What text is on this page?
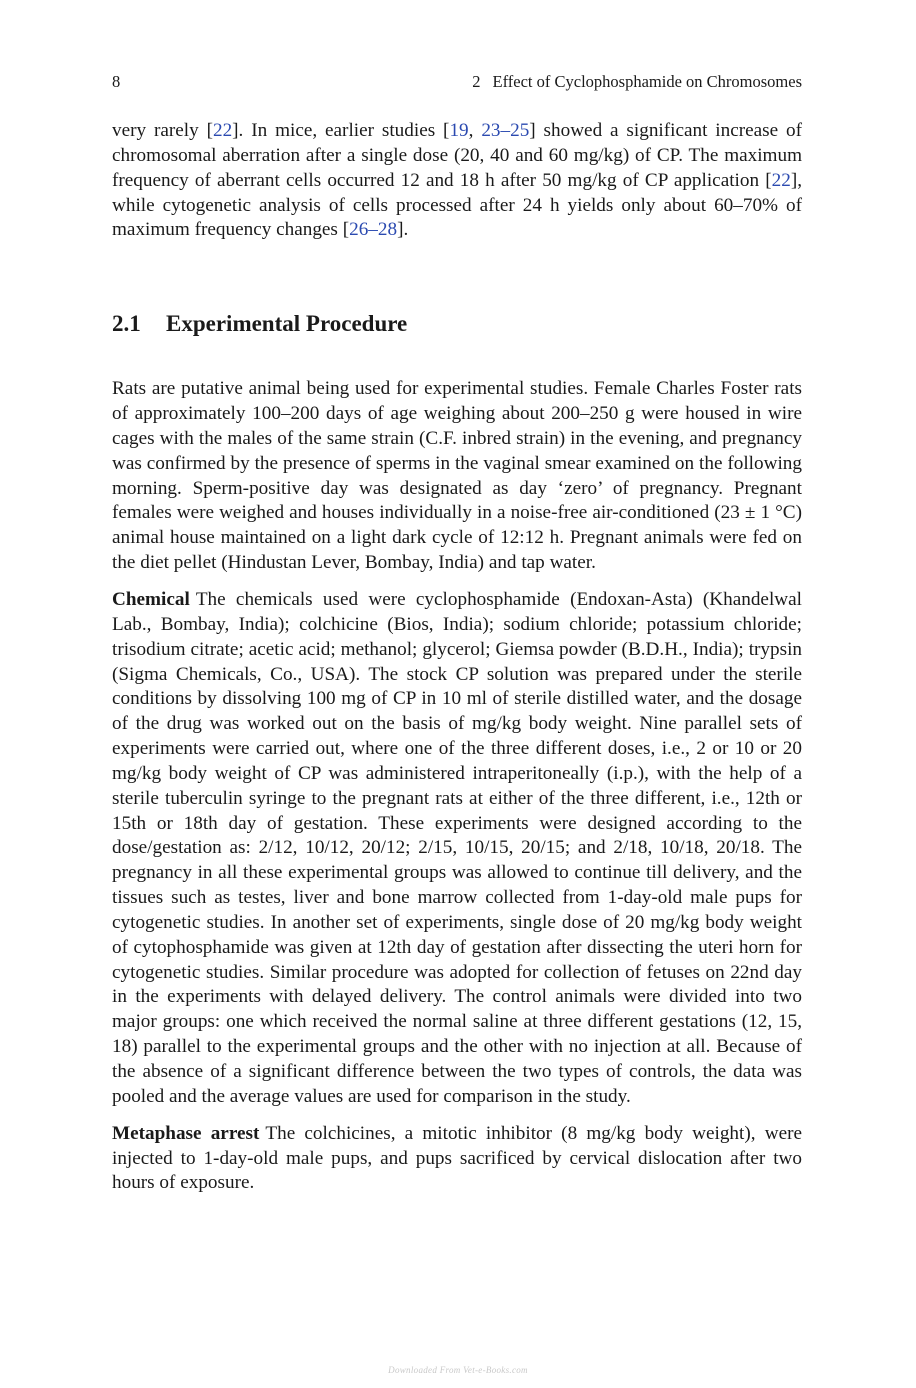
8	2 Effect of Cyclophosphamide on Chromosomes

very rarely [22]. In mice, earlier studies [19, 23–25] showed a significant increase of chromosomal aberration after a single dose (20, 40 and 60 mg/kg) of CP. The maximum frequency of aberrant cells occurred 12 and 18 h after 50 mg/kg of CP application [22], while cytogenetic analysis of cells processed after 24 h yields only about 60–70% of maximum frequency changes [26–28].

2.1 Experimental Procedure

Rats are putative animal being used for experimental studies. Female Charles Foster rats of approximately 100–200 days of age weighing about 200–250 g were housed in wire cages with the males of the same strain (C.F. inbred strain) in the evening, and pregnancy was confirmed by the presence of sperms in the vaginal smear examined on the following morning. Sperm-positive day was designated as day ‘zero’ of pregnancy. Pregnant females were weighed and houses individually in a noise-free air-conditioned (23 ± 1 °C) animal house maintained on a light dark cycle of 12:12 h. Pregnant animals were fed on the diet pellet (Hindustan Lever, Bombay, India) and tap water.

Chemical The chemicals used were cyclophosphamide (Endoxan-Asta) (Khandelwal Lab., Bombay, India); colchicine (Bios, India); sodium chloride; potassium chloride; trisodium citrate; acetic acid; methanol; glycerol; Giemsa powder (B.D.H., India); trypsin (Sigma Chemicals, Co., USA). The stock CP solution was prepared under the sterile conditions by dissolving 100 mg of CP in 10 ml of sterile distilled water, and the dosage of the drug was worked out on the basis of mg/kg body weight. Nine parallel sets of experiments were carried out, where one of the three different doses, i.e., 2 or 10 or 20 mg/kg body weight of CP was administered intraperitoneally (i.p.), with the help of a sterile tuberculin syringe to the pregnant rats at either of the three different, i.e., 12th or 15th or 18th day of gestation. These experiments were designed according to the dose/gestation as: 2/12, 10/12, 20/12; 2/15, 10/15, 20/15; and 2/18, 10/18, 20/18. The pregnancy in all these experimental groups was allowed to continue till delivery, and the tissues such as testes, liver and bone marrow collected from 1-day-old male pups for cytogenetic studies. In another set of experiments, single dose of 20 mg/kg body weight of cytophosphamide was given at 12th day of gestation after dissecting the uteri horn for cytogenetic studies. Similar procedure was adopted for collection of fetuses on 22nd day in the experiments with delayed delivery. The control animals were divided into two major groups: one which received the normal saline at three different gestations (12, 15, 18) parallel to the experimental groups and the other with no injection at all. Because of the absence of a significant difference between the two types of controls, the data was pooled and the average values are used for comparison in the study.

Metaphase arrest The colchicines, a mitotic inhibitor (8 mg/kg body weight), were injected to 1-day-old male pups, and pups sacrificed by cervical dislocation after two hours of exposure.

Downloaded From Vet-e-Books.com
